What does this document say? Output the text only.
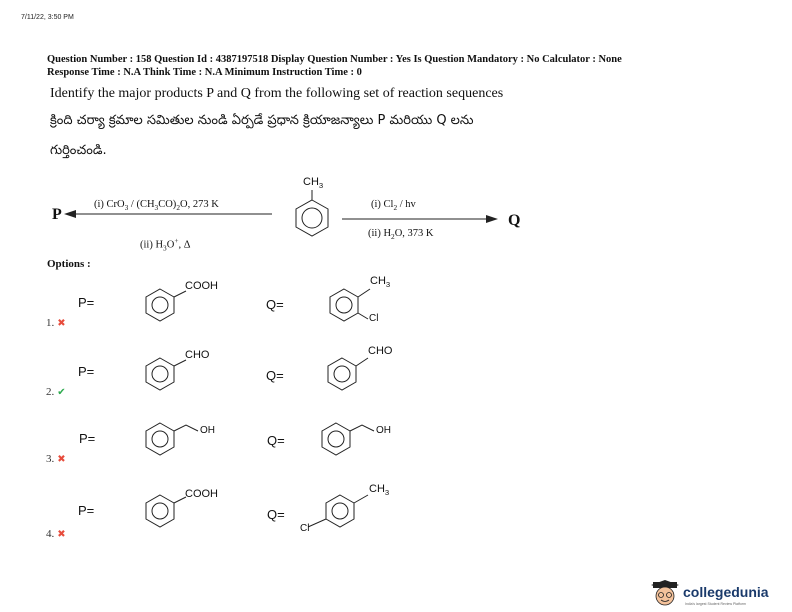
7/11/22, 3:50 PM
Question Number : 158 Question Id : 4387197518 Display Question Number : Yes Is Question Mandatory : No Calculator : None
Response Time : N.A Think Time : N.A Minimum Instruction Time : 0
Identify the major products P and Q from the following set of reaction sequences
క్రింది చర్యా క్రమాల సమితుల నుండి ఏర్పడే ప్రధాన క్రియాజన్యాలు P మరియు Q లను
గుర్తించండి.
P
(i) $CrO_3 / (CH_3CO)_2O$, 273 K
(ii) $H_3O^+$, Δ
$CH_3$
(i) $Cl_2$ / hv
(ii) $H_2O$, 373 K
Q
Options :
P=
COOH
Q=
$CH_3$
Cl
1. ✖
P=
CHO
Q=
CHO
2. ✔
P=
OH
Q=
OH
3. ✖
P=
COOH
Q=
$CH_3$
Cl
4. ✖
collegedunia
India's largest Student Review Platform
